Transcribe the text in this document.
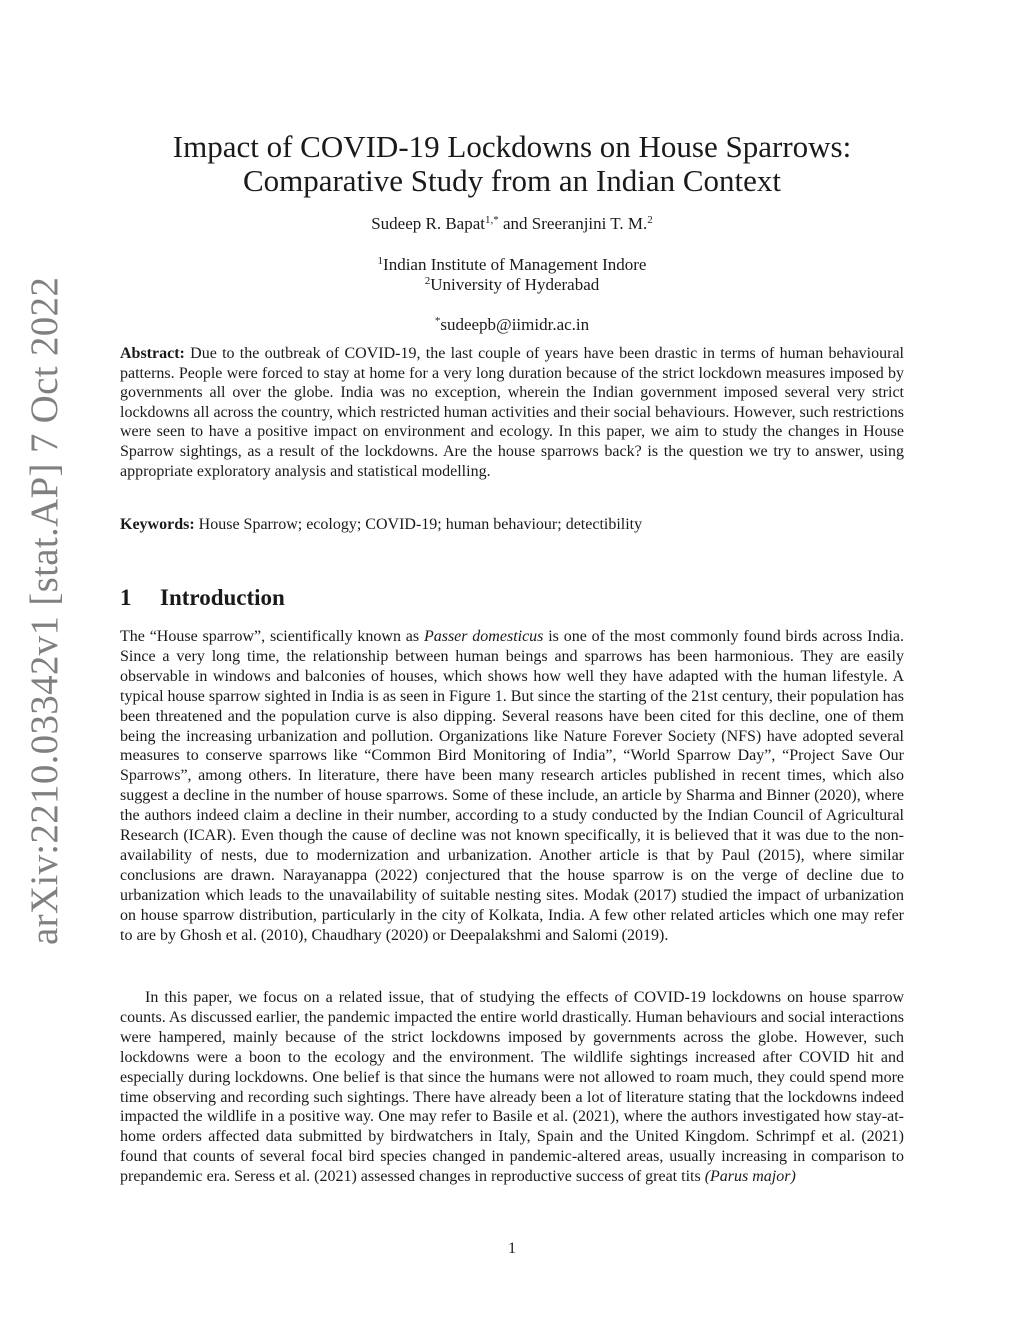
arXiv:2210.03342v1 [stat.AP] 7 Oct 2022
Impact of COVID-19 Lockdowns on House Sparrows:
Comparative Study from an Indian Context
Sudeep R. Bapat$^{1,*}$ and Sreeranjini T. M.$^2$
$^1$Indian Institute of Management Indore
$^2$University of Hyderabad
*sudeepb@iimidr.ac.in
Abstract: Due to the outbreak of COVID-19, the last couple of years have been drastic in terms of human behavioural patterns. People were forced to stay at home for a very long duration because of the strict lockdown measures imposed by governments all over the globe. India was no exception, wherein the Indian government imposed several very strict lockdowns all across the country, which restricted human activities and their social behaviours. However, such restrictions were seen to have a positive impact on environment and ecology. In this paper, we aim to study the changes in House Sparrow sightings, as a result of the lockdowns. Are the house sparrows back? is the question we try to answer, using appropriate exploratory analysis and statistical modelling.
Keywords: House Sparrow; ecology; COVID-19; human behaviour; detectibility
1 Introduction

The “House sparrow”, scientifically known as Passer domesticus is one of the most commonly found birds across India. Since a very long time, the relationship between human beings and sparrows has been harmonious. They are easily observable in windows and balconies of houses, which shows how well they have adapted with the human lifestyle. A typical house sparrow sighted in India is as seen in Figure 1. But since the starting of the 21st century, their population has been threatened and the population curve is also dipping. Several reasons have been cited for this decline, one of them being the increasing urbanization and pollution. Organizations like Nature Forever Society (NFS) have adopted several measures to conserve sparrows like “Common Bird Monitoring of India”, “World Sparrow Day”, “Project Save Our Sparrows”, among others. In literature, there have been many research articles published in recent times, which also suggest a decline in the number of house sparrows. Some of these include, an article by Sharma and Binner (2020), where the authors indeed claim a decline in their number, according to a study conducted by the Indian Council of Agricultural Research (ICAR). Even though the cause of decline was not known specifically, it is believed that it was due to the non-availability of nests, due to modernization and urbanization. Another article is that by Paul (2015), where similar conclusions are drawn. Narayanappa (2022) conjectured that the house sparrow is on the verge of decline due to urbanization which leads to the unavailability of suitable nesting sites. Modak (2017) studied the impact of urbanization on house sparrow distribution, particularly in the city of Kolkata, India. A few other related articles which one may refer to are by Ghosh et al. (2010), Chaudhary (2020) or Deepalakshmi and Salomi (2019).

In this paper, we focus on a related issue, that of studying the effects of COVID-19 lockdowns on house sparrow counts. As discussed earlier, the pandemic impacted the entire world drastically. Human behaviours and social interactions were hampered, mainly because of the strict lockdowns imposed by governments across the globe. However, such lockdowns were a boon to the ecology and the environment. The wildlife sightings increased after COVID hit and especially during lockdowns. One belief is that since the humans were not allowed to roam much, they could spend more time observing and recording such sightings. There have already been a lot of literature stating that the lockdowns indeed impacted the wildlife in a positive way. One may refer to Basile et al. (2021), where the authors investigated how stay-at-home orders affected data submitted by birdwatchers in Italy, Spain and the United Kingdom. Schrimpf et al. (2021) found that counts of several focal bird species changed in pandemic-altered areas, usually increasing in comparison to prepandemic era. Seress et al. (2021) assessed changes in reproductive success of great tits (Parus major)

1
